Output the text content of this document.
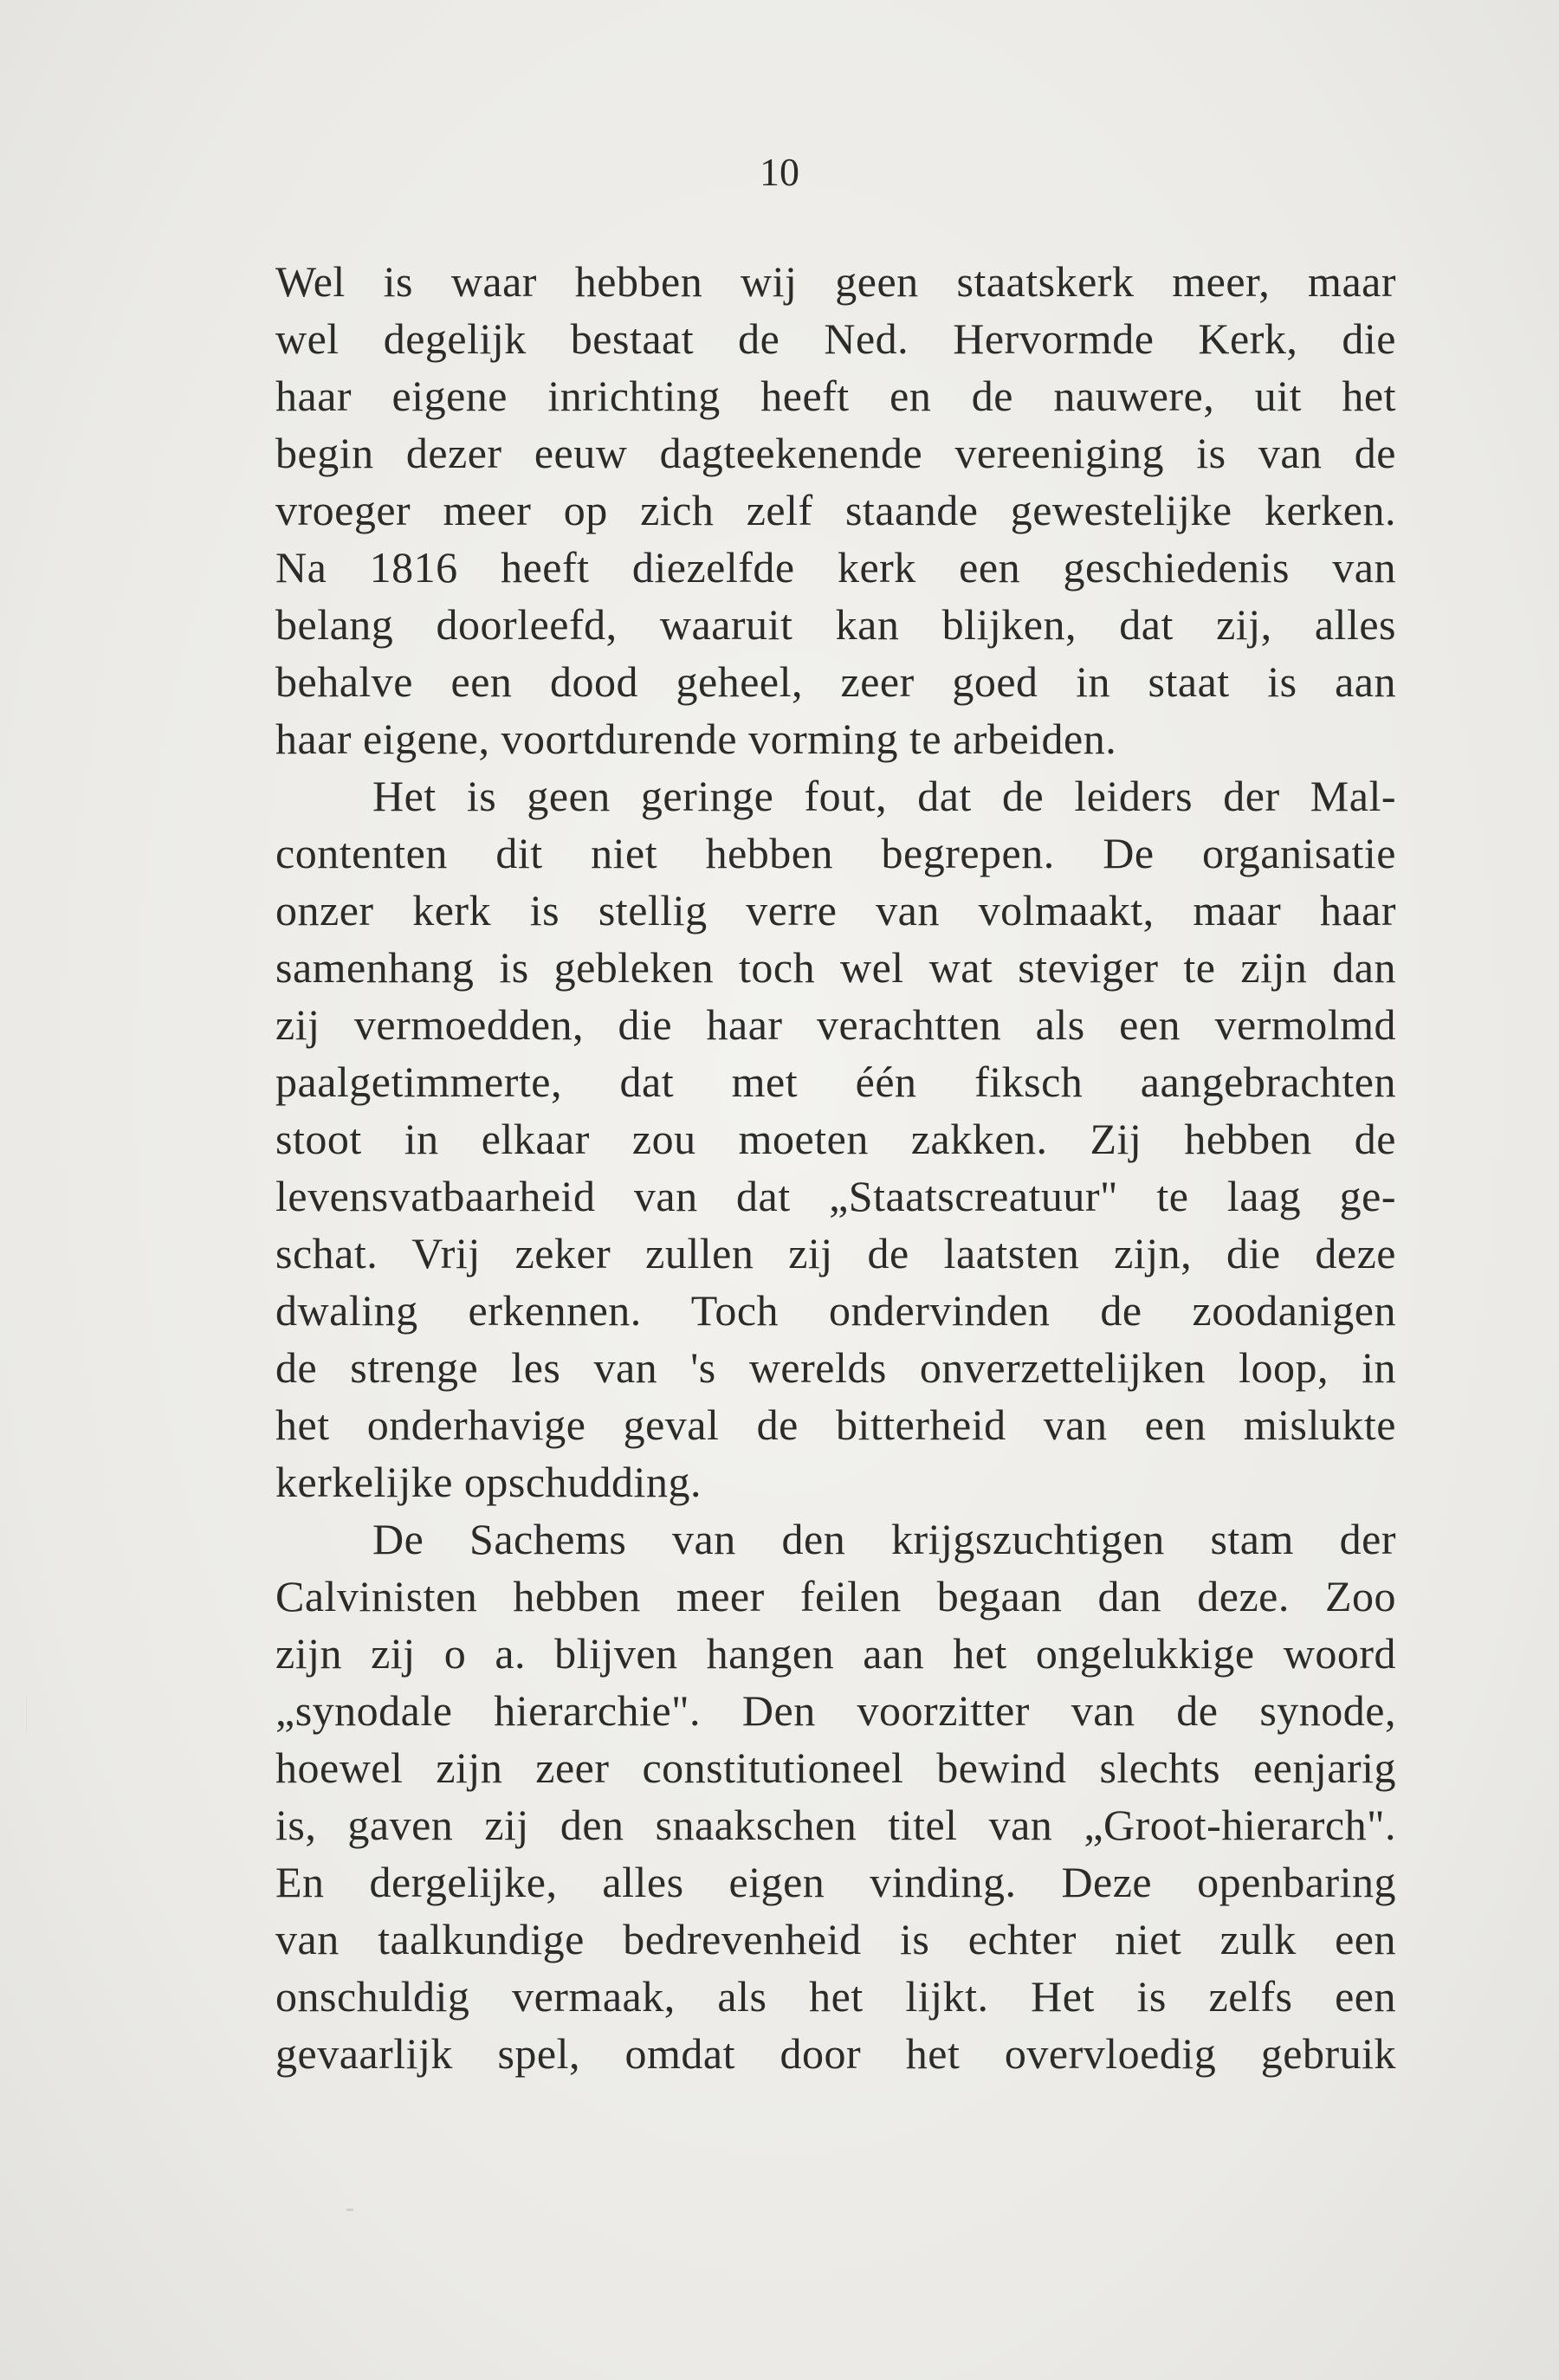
10
Wel is waar hebben wij geen staatskerk meer, maar
wel degelijk bestaat de Ned. Hervormde Kerk, die
haar eigene inrichting heeft en de nauwere, uit het
begin dezer eeuw dagteekenende vereeniging is van de
vroeger meer op zich zelf staande gewestelijke kerken.
Na 1816 heeft diezelfde kerk een geschiedenis van
belang doorleefd, waaruit kan blijken, dat zij, alles
behalve een dood geheel, zeer goed in staat is aan
haar eigene, voortdurende vorming te arbeiden.
Het is geen geringe fout, dat de leiders der Mal-
contenten dit niet hebben begrepen. De organisatie
onzer kerk is stellig verre van volmaakt, maar haar
samenhang is gebleken toch wel wat steviger te zijn dan
zij vermoedden, die haar verachtten als een vermolmd
paalgetimmerte, dat met één fiksch aangebrachten
stoot in elkaar zou moeten zakken. Zij hebben de
levensvatbaarheid van dat „Staatscreatuur" te laag ge-
schat. Vrij zeker zullen zij de laatsten zijn, die deze
dwaling erkennen. Toch ondervinden de zoodanigen
de strenge les van 's werelds onverzettelijken loop, in
het onderhavige geval de bitterheid van een mislukte
kerkelijke opschudding.
De Sachems van den krijgszuchtigen stam der
Calvinisten hebben meer feilen begaan dan deze. Zoo
zijn zij o a. blijven hangen aan het ongelukkige woord
„synodale hierarchie". Den voorzitter van de synode,
hoewel zijn zeer constitutioneel bewind slechts eenjarig
is, gaven zij den snaakschen titel van „Groot-hierarch".
En dergelijke, alles eigen vinding. Deze openbaring
van taalkundige bedrevenheid is echter niet zulk een
onschuldig vermaak, als het lijkt. Het is zelfs een
gevaarlijk spel, omdat door het overvloedig gebruik
